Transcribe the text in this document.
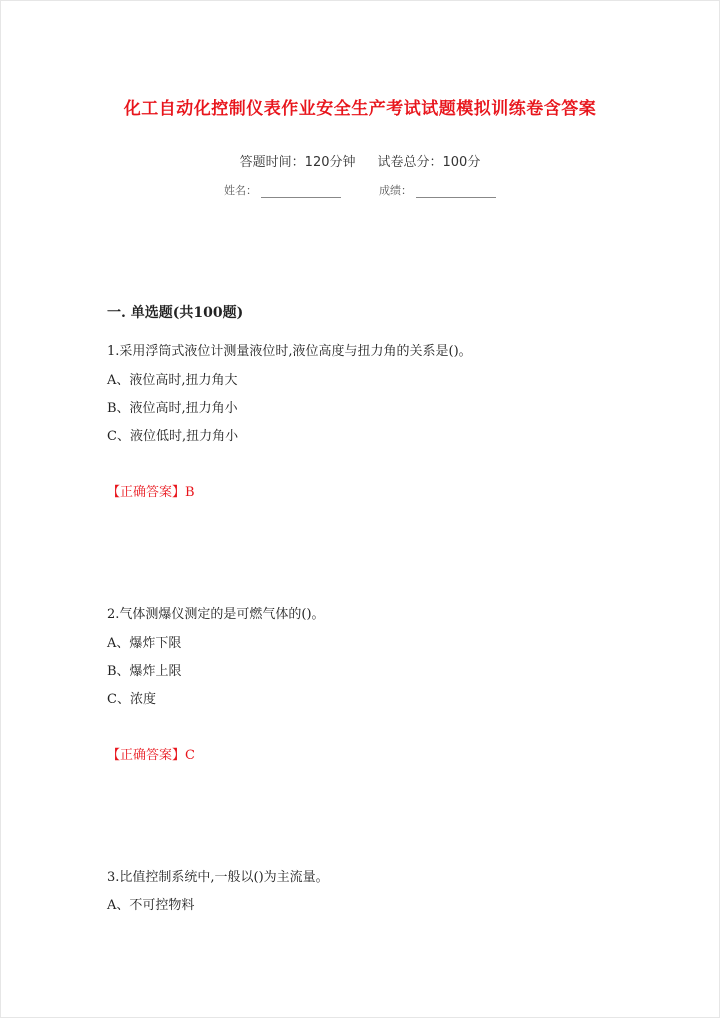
化工自动化控制仪表作业安全生产考试试题模拟训练卷含答案
答题时间：120分钟 试卷总分：100分
姓名：	成绩：
一. 单选题(共100题)
1.采用浮筒式液位计测量液位时,液位高度与扭力角的关系是()。
A、液位高时,扭力角大
B、液位高时,扭力角小
C、液位低时,扭力角小
【正确答案】B
2.气体测爆仪测定的是可燃气体的()。
A、爆炸下限
B、爆炸上限
C、浓度
【正确答案】C
3.比值控制系统中,一般以()为主流量。
A、不可控物料
